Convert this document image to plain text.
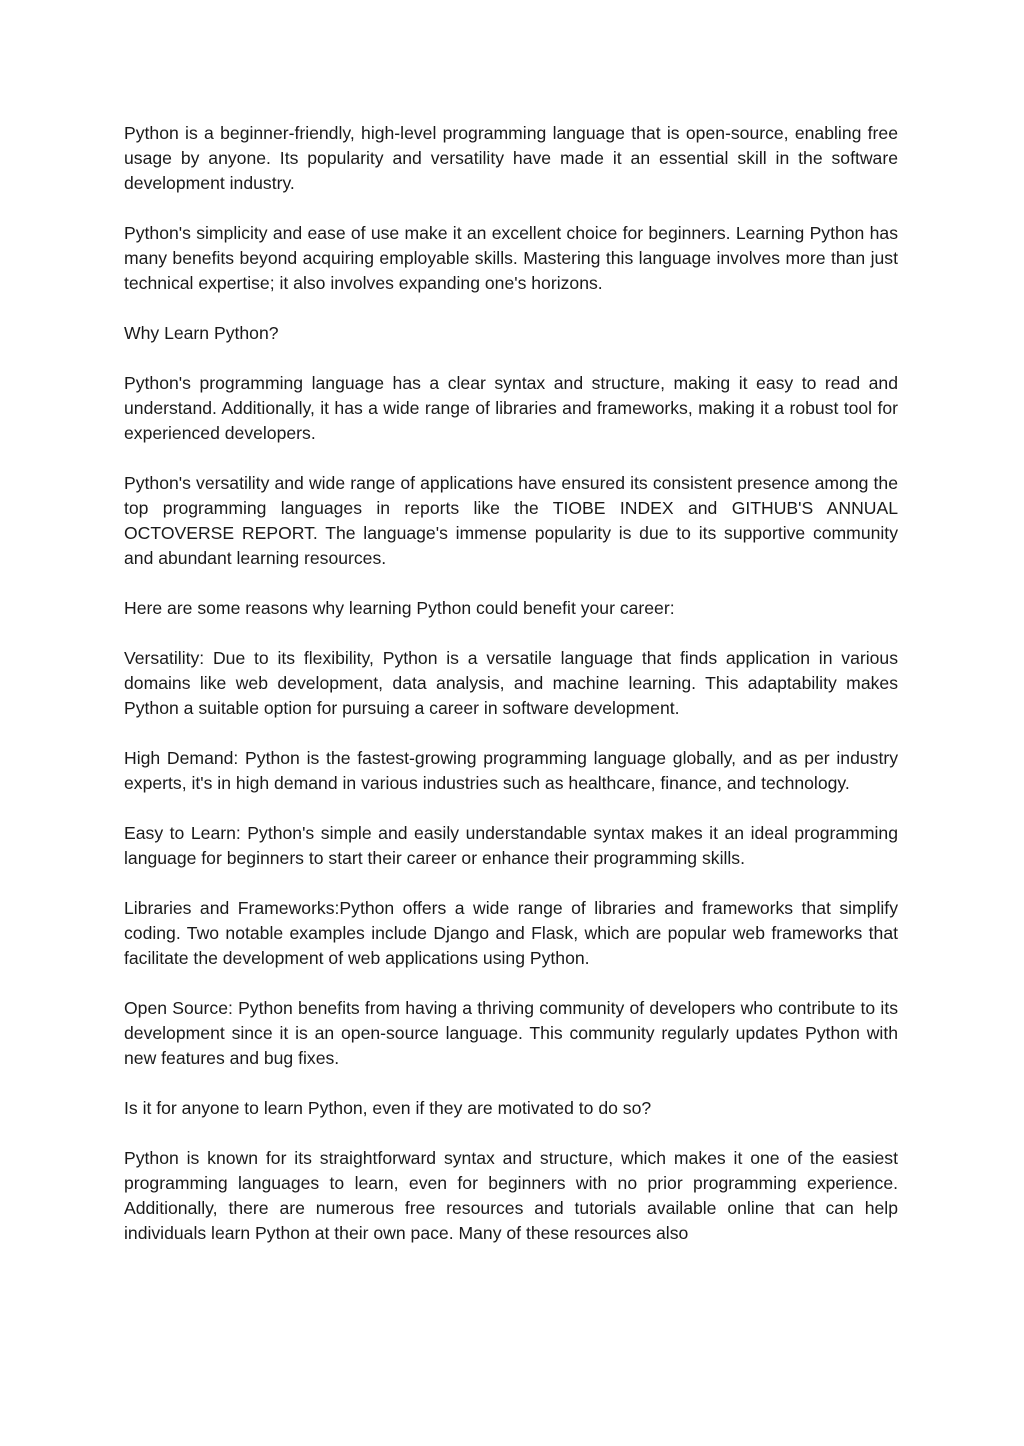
Python is a beginner-friendly, high-level programming language that is open-source, enabling free usage by anyone. Its popularity and versatility have made it an essential skill in the software development industry.

Python's simplicity and ease of use make it an excellent choice for beginners. Learning Python has many benefits beyond acquiring employable skills. Mastering this language involves more than just technical expertise; it also involves expanding one's horizons.

Why Learn Python?

Python's programming language has a clear syntax and structure, making it easy to read and understand. Additionally, it has a wide range of libraries and frameworks, making it a robust tool for experienced developers.

Python's versatility and wide range of applications have ensured its consistent presence among the top programming languages in reports like the TIOBE INDEX and GITHUB'S ANNUAL OCTOVERSE REPORT. The language's immense popularity is due to its supportive community and abundant learning resources.

Here are some reasons why learning Python could benefit your career:

Versatility: Due to its flexibility, Python is a versatile language that finds application in various domains like web development, data analysis, and machine learning. This adaptability makes Python a suitable option for pursuing a career in software development.

High Demand: Python is the fastest-growing programming language globally, and as per industry experts, it's in high demand in various industries such as healthcare, finance, and technology.

Easy to Learn: Python's simple and easily understandable syntax makes it an ideal programming language for beginners to start their career or enhance their programming skills.

Libraries and Frameworks:Python offers a wide range of libraries and frameworks that simplify coding. Two notable examples include Django and Flask, which are popular web frameworks that facilitate the development of web applications using Python.

Open Source: Python benefits from having a thriving community of developers who contribute to its development since it is an open-source language. This community regularly updates Python with new features and bug fixes.

Is it for anyone to learn Python, even if they are motivated to do so?

Python is known for its straightforward syntax and structure, which makes it one of the easiest programming languages to learn, even for beginners with no prior programming experience. Additionally, there are numerous free resources and tutorials available online that can help individuals learn Python at their own pace. Many of these resources also
